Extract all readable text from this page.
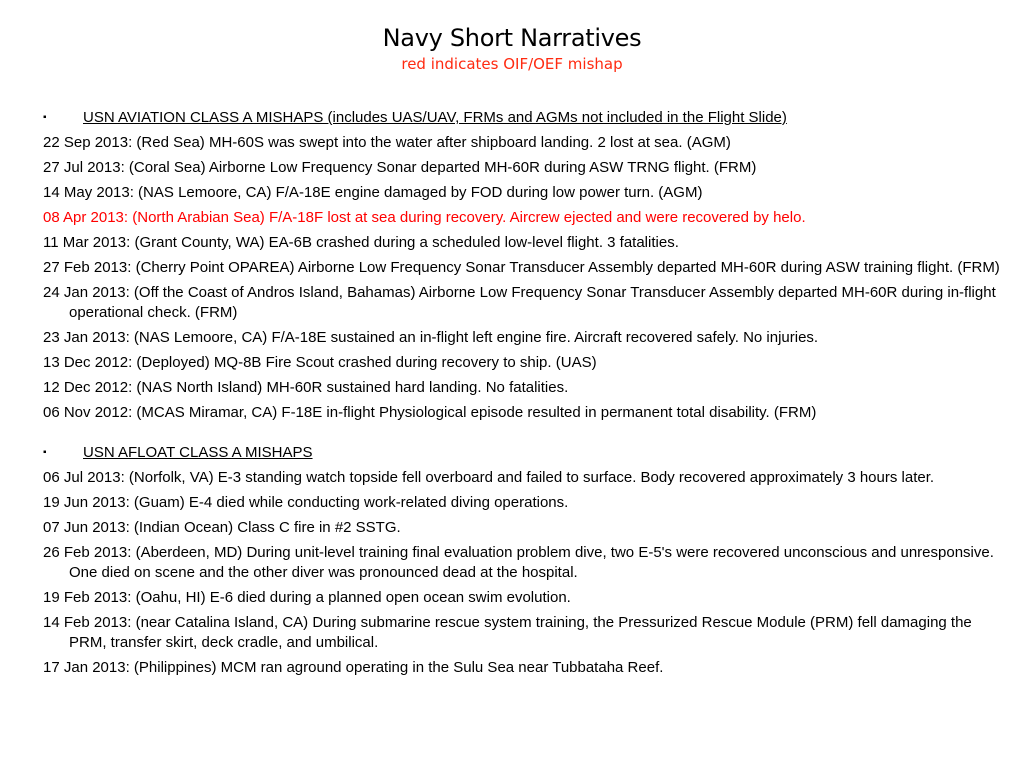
Navy Short Narratives
red indicates OIF/OEF mishap
▪ USN AVIATION CLASS A MISHAPS (includes UAS/UAV, FRMs and AGMs not included in the Flight Slide)
22 Sep 2013: (Red Sea) MH-60S was swept into the water after shipboard landing. 2 lost at sea. (AGM)
27 Jul 2013: (Coral Sea) Airborne Low Frequency Sonar departed MH-60R during ASW TRNG flight. (FRM)
14 May 2013: (NAS Lemoore, CA) F/A-18E engine damaged by FOD during low power turn. (AGM)
08 Apr 2013: (North Arabian Sea) F/A-18F lost at sea during recovery. Aircrew ejected and were recovered by helo.
11 Mar 2013: (Grant County, WA) EA-6B crashed during a scheduled low-level flight. 3 fatalities.
27 Feb 2013: (Cherry Point OPAREA) Airborne Low Frequency Sonar Transducer Assembly departed MH-60R during ASW training flight. (FRM)
24 Jan 2013: (Off the Coast of Andros Island, Bahamas) Airborne Low Frequency Sonar Transducer Assembly departed MH-60R during in-flight operational check. (FRM)
23 Jan 2013: (NAS Lemoore, CA) F/A-18E sustained an in-flight left engine fire. Aircraft recovered safely. No injuries.
13 Dec 2012: (Deployed) MQ-8B Fire Scout crashed during recovery to ship. (UAS)
12 Dec 2012: (NAS North Island) MH-60R sustained hard landing. No fatalities.
06 Nov 2012: (MCAS Miramar, CA) F-18E in-flight Physiological episode resulted in permanent total disability. (FRM)
▪ USN AFLOAT CLASS A MISHAPS
06 Jul 2013: (Norfolk, VA) E-3 standing watch topside fell overboard and failed to surface. Body recovered approximately 3 hours later.
19 Jun 2013: (Guam) E-4 died while conducting work-related diving operations.
07 Jun 2013: (Indian Ocean) Class C fire in #2 SSTG.
26 Feb 2013: (Aberdeen, MD) During unit-level training final evaluation problem dive, two E-5's were recovered unconscious and unresponsive. One died on scene and the other diver was pronounced dead at the hospital.
19 Feb 2013: (Oahu, HI) E-6 died during a planned open ocean swim evolution.
14 Feb 2013: (near Catalina Island, CA) During submarine rescue system training, the Pressurized Rescue Module (PRM) fell damaging the PRM, transfer skirt, deck cradle, and umbilical.
17 Jan 2013: (Philippines) MCM ran aground operating in the Sulu Sea near Tubbataha Reef.
